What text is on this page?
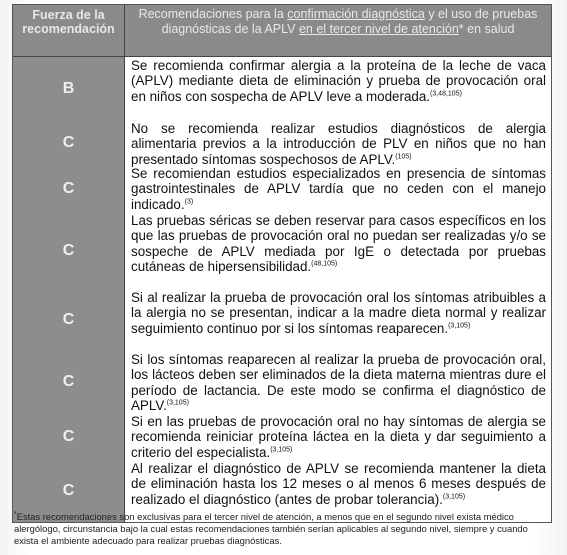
Fuerza de la recomendación
Recomendaciones para la confirmación diagnóstica y el uso de pruebas diagnósticas de la APLV en el tercer nivel de atención* en salud
B
Se recomienda confirmar alergia a la proteína de la leche de vaca (APLV) mediante dieta de eliminación y prueba de provocación oral en niños con sospecha de APLV leve a moderada.$^{(3,48,105)}$
C
No se recomienda realizar estudios diagnósticos de alergia alimentaria previos a la introducción de PLV en niños que no han presentado síntomas sospechosos de APLV.$^{(105)}$
C
Se recomiendan estudios especializados en presencia de síntomas gastrointestinales de APLV tardía que no ceden con el manejo indicado.$^{(3)}$
C
Las pruebas séricas se deben reservar para casos específicos en los que las pruebas de provocación oral no puedan ser realizadas y/o se sospeche de APLV mediada por IgE o detectada por pruebas cutáneas de hipersensibilidad.$^{(48,105)}$
C
Si al realizar la prueba de provocación oral los síntomas atribuibles a la alergia no se presentan, indicar a la madre dieta normal y realizar seguimiento continuo por si los síntomas reaparecen.$^{(3,105)}$
C
Si los síntomas reaparecen al realizar la prueba de provocación oral, los lácteos deben ser eliminados de la dieta materna mientras dure el período de lactancia. De este modo se confirma el diagnóstico de APLV.$^{(3,105)}$
C
Si en las pruebas de provocación oral no hay síntomas de alergia se recomienda reiniciar proteína láctea en la dieta y dar seguimiento a criterio del especialista.$^{(3,105)}$
C
Al realizar el diagnóstico de APLV se recomienda mantener la dieta de eliminación hasta los 12 meses o al menos 6 meses después de realizado el diagnóstico (antes de probar tolerancia).$^{(3,105)}$
*Estas recomendaciones son exclusivas para el tercer nivel de atención, a menos que en el segundo nivel exista médico alergólogo, circunstancia bajo la cual estas recomendaciones también serían aplicables al segundo nivel, siempre y cuando exista el ambiente adecuado para realizar pruebas diagnósticas.
